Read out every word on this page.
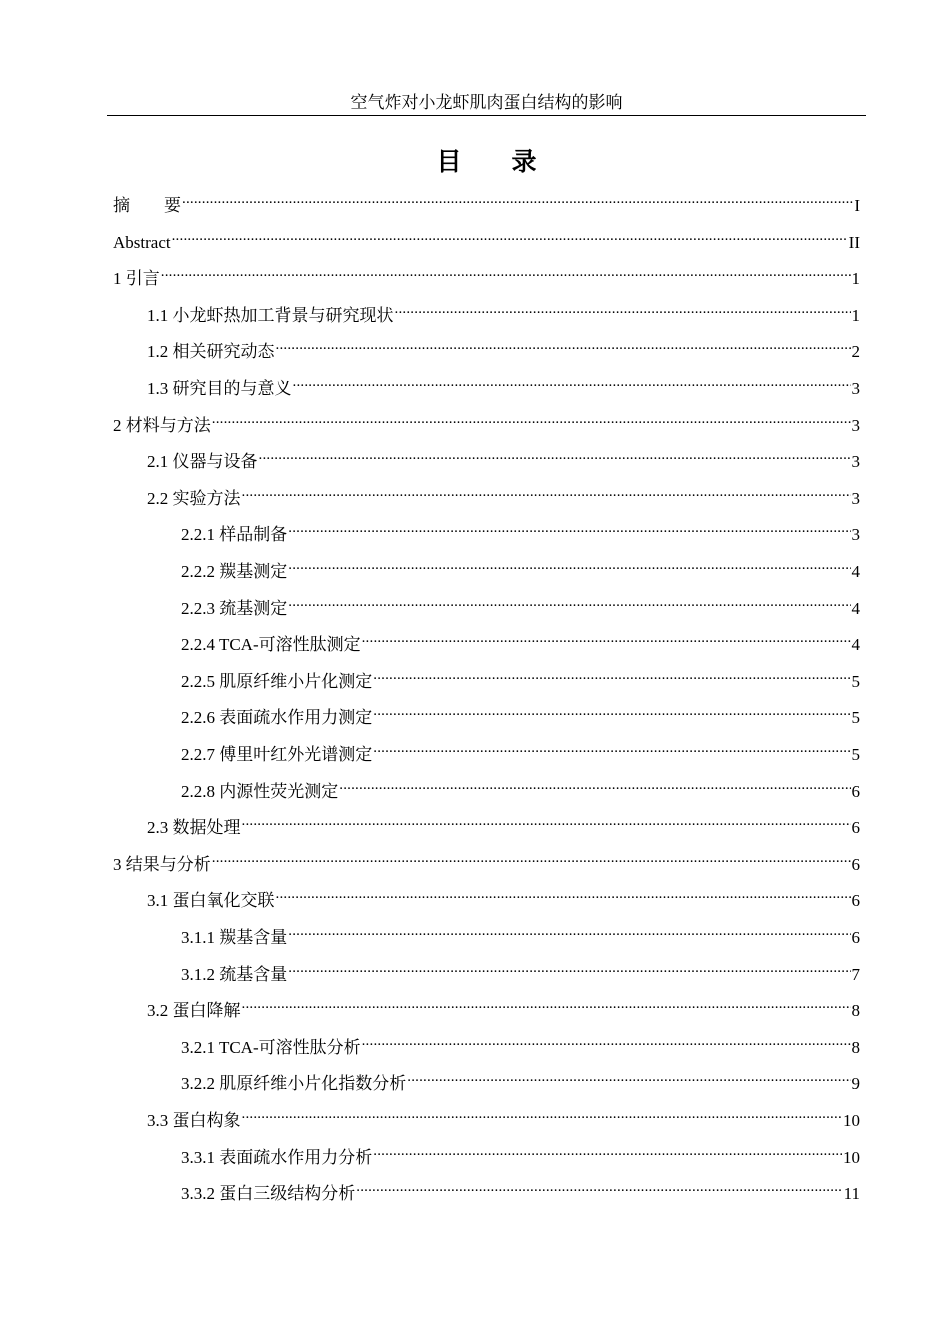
空气炸对小龙虾肌肉蛋白结构的影响
目　　录
摘　　要 .....	I
Abstract .....	II
1 引言 .....	1
1.1 小龙虾热加工背景与研究现状 .....	1
1.2 相关研究动态 .....	2
1.3 研究目的与意义 .....	3
2 材料与方法 .....	3
2.1 仪器与设备 .....	3
2.2 实验方法 .....	3
2.2.1 样品制备 .....	3
2.2.2 羰基测定 .....	4
2.2.3 巯基测定 .....	4
2.2.4 TCA-可溶性肽测定 .....	4
2.2.5 肌原纤维小片化测定 .....	5
2.2.6 表面疏水作用力测定 .....	5
2.2.7 傅里叶红外光谱测定 .....	5
2.2.8 内源性荧光测定 .....	6
2.3 数据处理 .....	6
3 结果与分析 .....	6
3.1 蛋白氧化交联 .....	6
3.1.1 羰基含量 .....	6
3.1.2 巯基含量 .....	7
3.2 蛋白降解 .....	8
3.2.1 TCA-可溶性肽分析 .....	8
3.2.2 肌原纤维小片化指数分析 .....	9
3.3 蛋白构象 .....	10
3.3.1 表面疏水作用力分析 .....	10
3.3.2 蛋白三级结构分析 .....	11
